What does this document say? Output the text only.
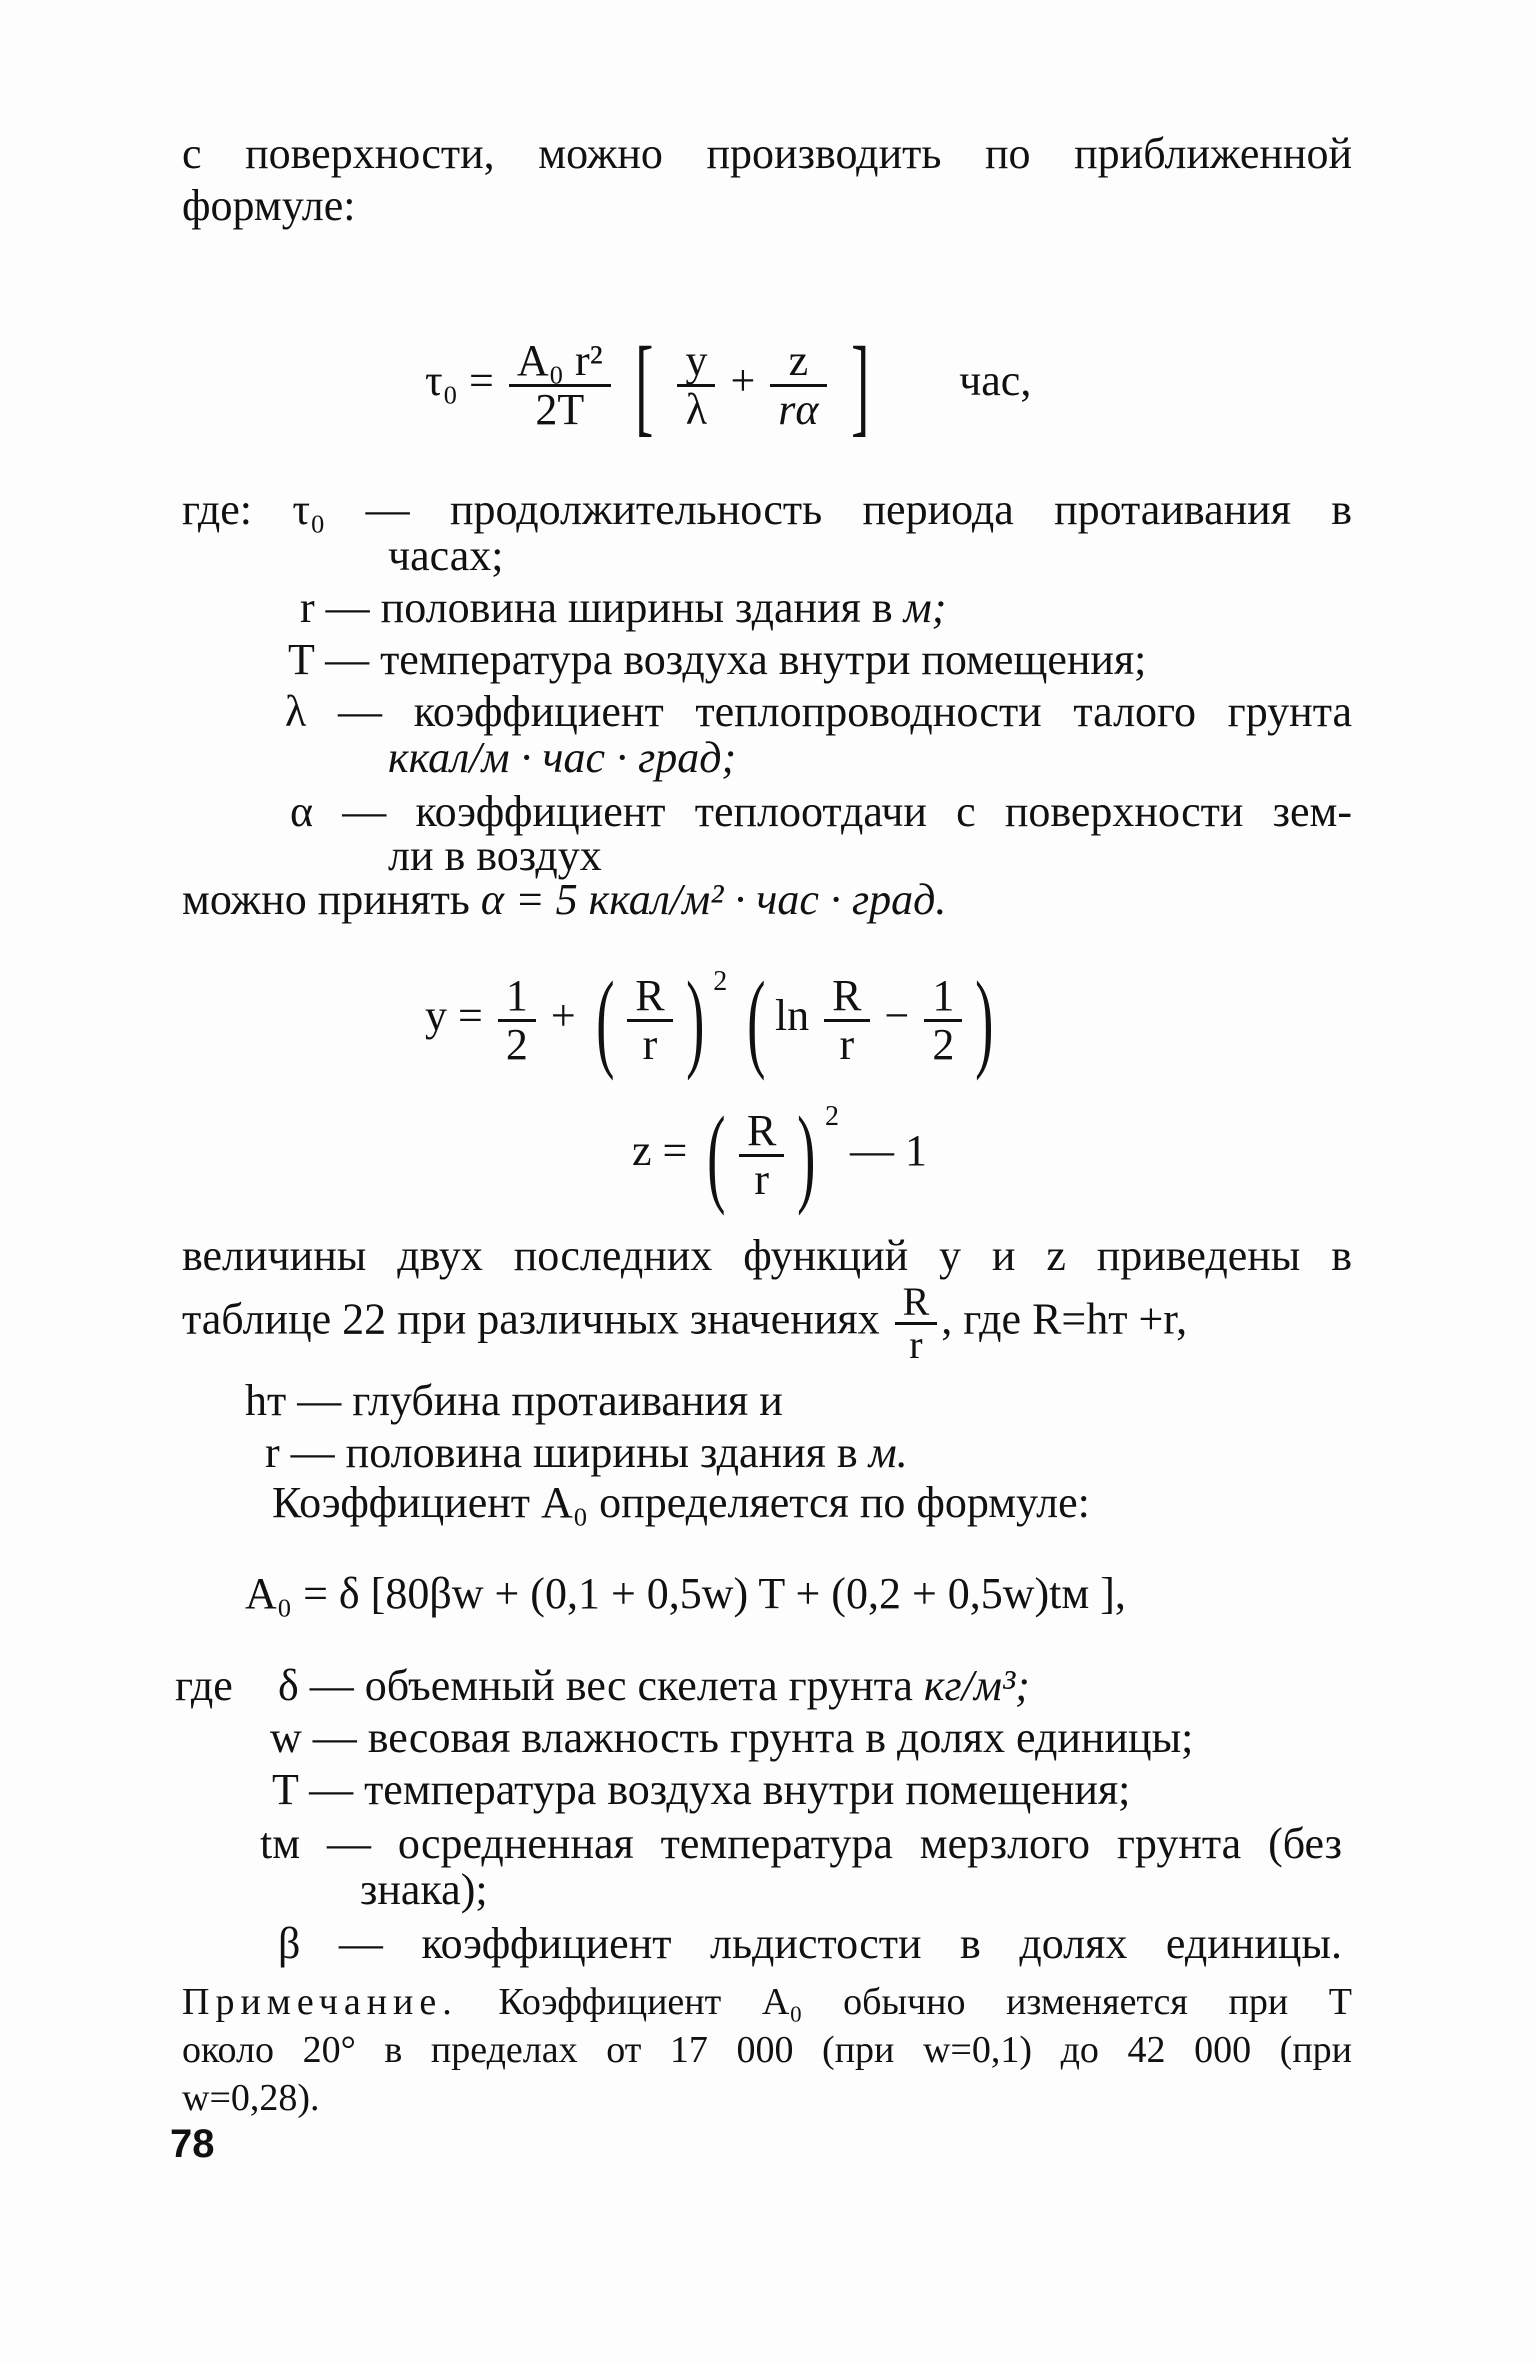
с поверхности, можно производить по приближенной
формуле:
$\tau_0 = \frac{\text{A₀ r²}}{2T}$ [ $\frac{y}{\lambda} + \frac{z}{r\alpha}$ ] час,
где: τ₀ — продолжительность периода протаивания в
часах;
r — половина ширины здания в м;
T — температура воздуха внутри помещения;
λ — коэффициент теплопроводности талого грунта
ккал/м · час · град;
α — коэффициент теплоотдачи с поверхности зем-
ли в воздух
можно принять α = 5 ккал/м² · час · град.
$y = \frac{1}{2}$ + ( $\frac{R}{r}$ ) $^2$ ( $\ln \frac{R}{r} - \frac{1}{2}$ )
z = ( $\frac{R}{r}$ ) $^2$ — 1
величины двух последних функций y и z приведены в
таблице 22 при различных значениях $\frac{R}{r}$ , где R=hт +r,
hт — глубина протаивания и
r — половина ширины здания в м.
Коэффициент A₀ определяется по формуле:
A₀ = δ [80βw + (0,1 + 0,5w) T + (0,2 + 0,5w)tм ],
где δ — объемный вес скелета грунта кг/м³;
w — весовая влажность грунта в долях единицы;
T — температура воздуха внутри помещения;
tм — осредненная температура мерзлого грунта (без
знака);
β — коэффициент льдистости в долях единицы.
Примечание. Коэффициент A₀ обычно изменяется при T
около 20° в пределах от 17 000 (при w=0,1) до 42 000 (при
w=0,28).
78
